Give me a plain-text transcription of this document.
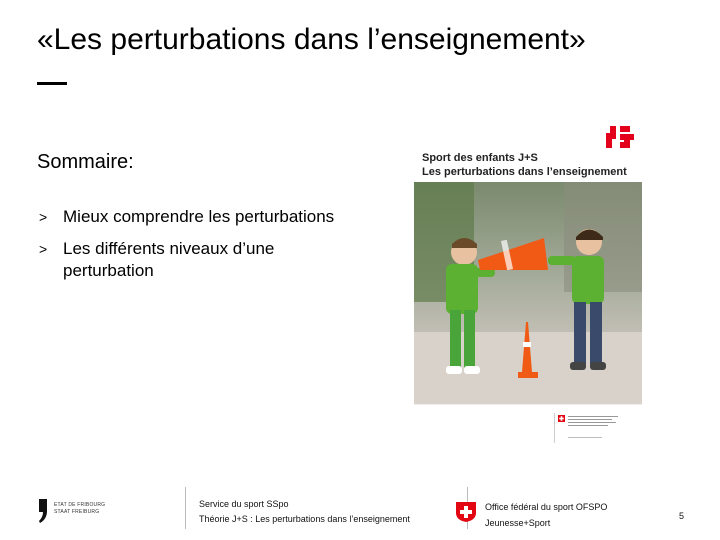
«Les perturbations dans l’enseignement»
Sommaire:
> Mieux comprendre les perturbations
> Les différents niveaux d’une perturbation
Sport des enfants J+S
Les perturbations dans l’enseignement
ETAT DE FRIBOURG
STAAT FREIBURG
Service du sport SSpo
Théorie J+S : Les perturbations dans l’enseignement
Office fédéral du sport OFSPO
Jeunesse+Sport
5
